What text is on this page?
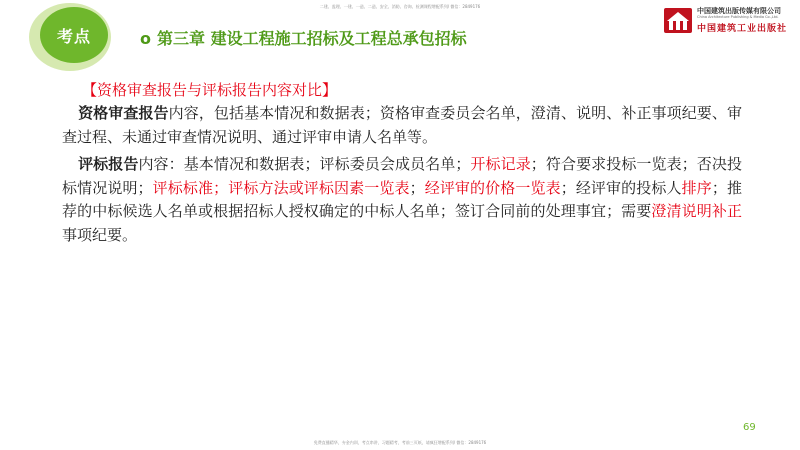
二建、监理、一建、一造、二造、安全、消防、咨询、检测课程增配系列/ 微信：2849176
考点	o 第三章 建设工程施工招标及工程总承包招标
中国建筑出版传媒有限公司
China Architecture Publishing & Media Co.,Ltd.
中国建筑工业出版社
【资格审查报告与评标报告内容对比】
资格审查报告内容，包括基本情况和数据表；资格审查委员会名单，澄清、说明、补正事项纪要、审查过程、未通过审查情况说明、通过评审申请人名单等。
评标报告内容：基本情况和数据表；评标委员会成员名单；开标记录；符合要求投标一览表；否决投标情况说明；评标标准；评标方法或评标因素一览表；经评审的价格一览表；经评审的投标人排序；推荐的中标候选人名单或根据招标人授权确定的中标人名单；签订合同前的处理事宜；需要澄清说明补正事项纪要。
69
免费直播精华，夯金内训，考点串讲，习题精考，考前三页纸，请疯狂增配系列/ 微信：2849176
